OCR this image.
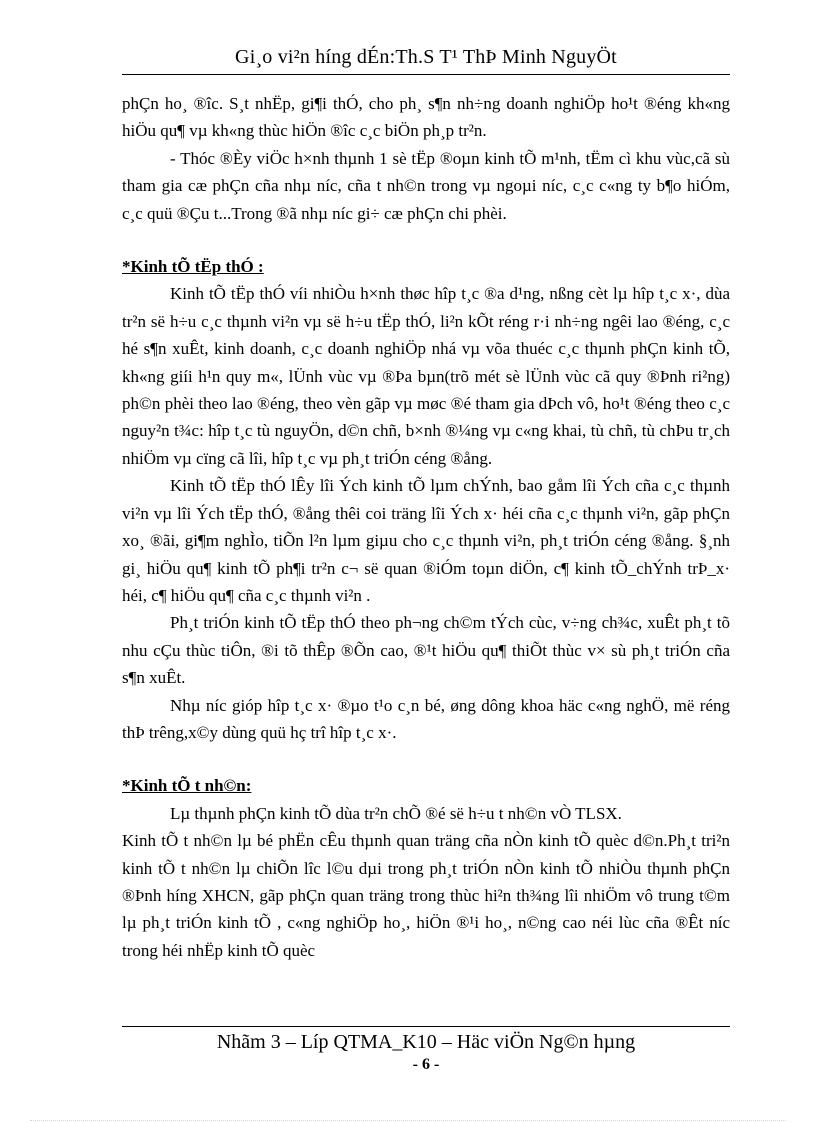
Gi¸o vi²n híng dÉn:Th.S T¹ ThÞ Minh NguyÖt

phÇn ho¸ ®îc. S¸t nhËp, gi¶i thÓ, cho ph¸ s¶n nh÷ng doanh nghiÖp ho¹t ®éng kh«ng hiÖu qu¶ vµ kh«ng thùc hiÖn ®îc c¸c biÖn ph¸p tr²n.

- Thóc ®Èy viÖc h×nh thµnh 1 sè tËp ®oµn kinh tÕ m¹nh, tËm cì khu vùc,cã sù tham gia cæ phÇn cña nhµ níc, cña t nh©n trong vµ ngoµi níc, c¸c c«ng ty b¶o hiÓm, c¸c quü ®Çu t...Trong ®ã nhµ níc gi÷ cæ phÇn chi phèi.

*Kinh tÕ tËp thÓ :

Kinh tÕ tËp thÓ víi nhiÒu h×nh thøc hîp t¸c ®a d¹ng, nßng cèt lµ hîp t¸c x·, dùa tr²n së h÷u c¸c thµnh vi²n vµ së h÷u tËp thÓ, li²n kÕt réng r·i nh÷ng ngêi lao ®éng, c¸c hé s¶n xuÊt, kinh doanh, c¸c doanh nghiÖp nhá vµ võa thuéc c¸c thµnh phÇn kinh tÕ, kh«ng giíi h¹n quy m«, lÜnh vùc vµ ®Þa bµn(trõ mét sè lÜnh vùc cã quy ®Þnh ri²ng) ph©n phèi theo lao ®éng, theo vèn gãp vµ møc ®é tham gia dÞch vô, ho¹t ®éng theo c¸c nguy²n t¾c: hîp t¸c tù nguyÖn, d©n chñ, b×nh ®¼ng vµ c«ng khai, tù chñ, tù chÞu tr¸ch nhiÖm vµ cïng cã lîi, hîp t¸c vµ ph¸t triÓn céng ®ång.

Kinh tÕ tËp thÓ lÊy lîi Ých kinh tÕ lµm chÝnh, bao gåm lîi Ých cña c¸c thµnh vi²n vµ lîi Ých tËp thÓ, ®ång thêi coi träng lîi Ých x· héi cña c¸c thµnh vi²n, gãp phÇn xo¸ ®ãi, gi¶m nghÌo, tiÕn l²n lµm giµu cho c¸c thµnh vi²n, ph¸t triÓn céng ®ång. §¸nh gi¸ hiÖu qu¶ kinh tÕ ph¶i tr²n c¬ së quan ®iÓm toµn diÖn, c¶ kinh tÕ_chÝnh trÞ_x· héi, c¶ hiÖu qu¶ cña c¸c thµnh vi²n .

Ph¸t triÓn kinh tÕ tËp thÓ theo ph¬ng ch©m tÝch cùc, v÷ng ch¾c, xuÊt ph¸t tõ nhu cÇu thùc tiÔn, ®i tõ thÊp ®Õn cao, ®¹t hiÖu qu¶ thiÕt thùc v× sù ph¸t triÓn cña s¶n xuÊt.

Nhµ níc gióp hîp t¸c x· ®µo t¹o c¸n bé, øng dông khoa häc c«ng nghÖ, më réng thÞ trêng,x©y dùng quü hç trî hîp t¸c x·.

*Kinh tÕ t nh©n:

Lµ thµnh phÇn kinh tÕ dùa tr²n chÕ ®é së h÷u t nh©n vÒ TLSX.

Kinh tÕ t nh©n lµ bé phËn cÊu thµnh quan träng cña nÒn kinh tÕ quèc d©n.Ph¸t tri²n kinh tÕ t nh©n lµ chiÕn lîc l©u dµi trong ph¸t triÓn nÒn kinh tÕ nhiÒu thµnh phÇn ®Þnh híng XHCN, gãp phÇn quan träng trong thùc hi²n th¾ng lîi nhiÖm vô trung t©m lµ ph¸t triÓn kinh tÕ , c«ng nghiÖp ho¸, hiÖn ®¹i ho¸, n©ng cao néi lùc cña ®Êt níc trong héi nhËp kinh tÕ quèc

Nhãm 3 – Líp QTMA_K10 – Häc viÖn Ng©n hµng
- 6 -
